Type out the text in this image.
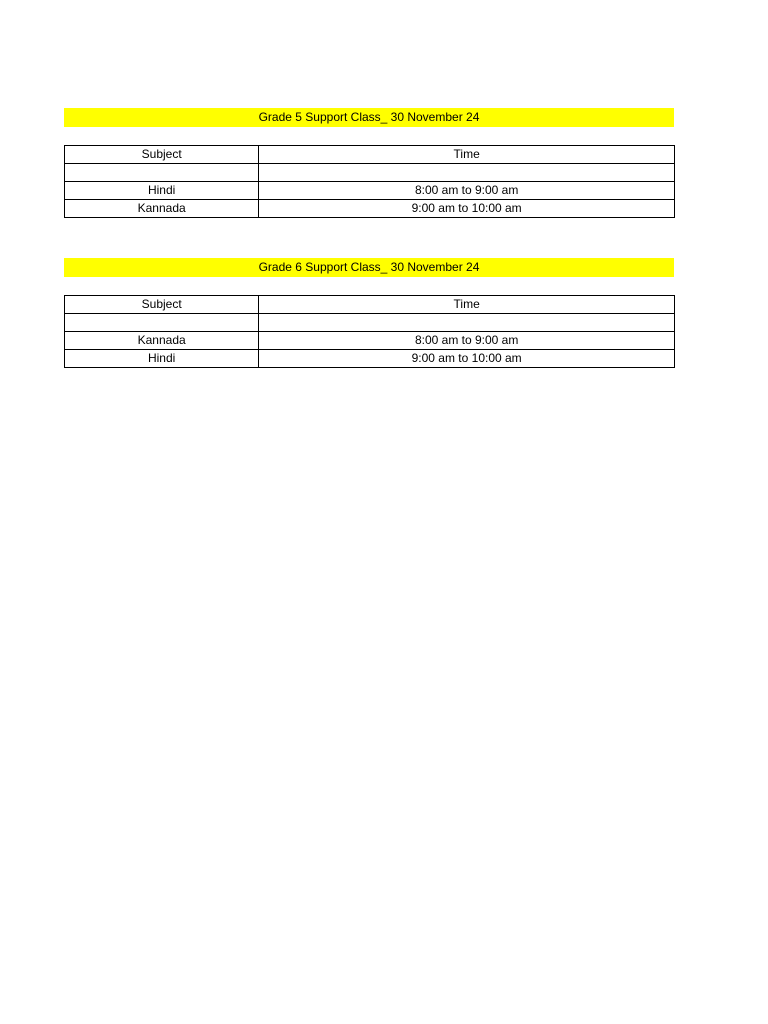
Grade 5 Support Class_ 30 November 24
Subject	Time

Hindi	8:00 am to 9:00 am
Kannada	9:00 am to 10:00 am
Grade 6 Support Class_ 30 November 24
Subject	Time

Kannada	8:00 am to 9:00 am
Hindi	9:00 am to 10:00 am
